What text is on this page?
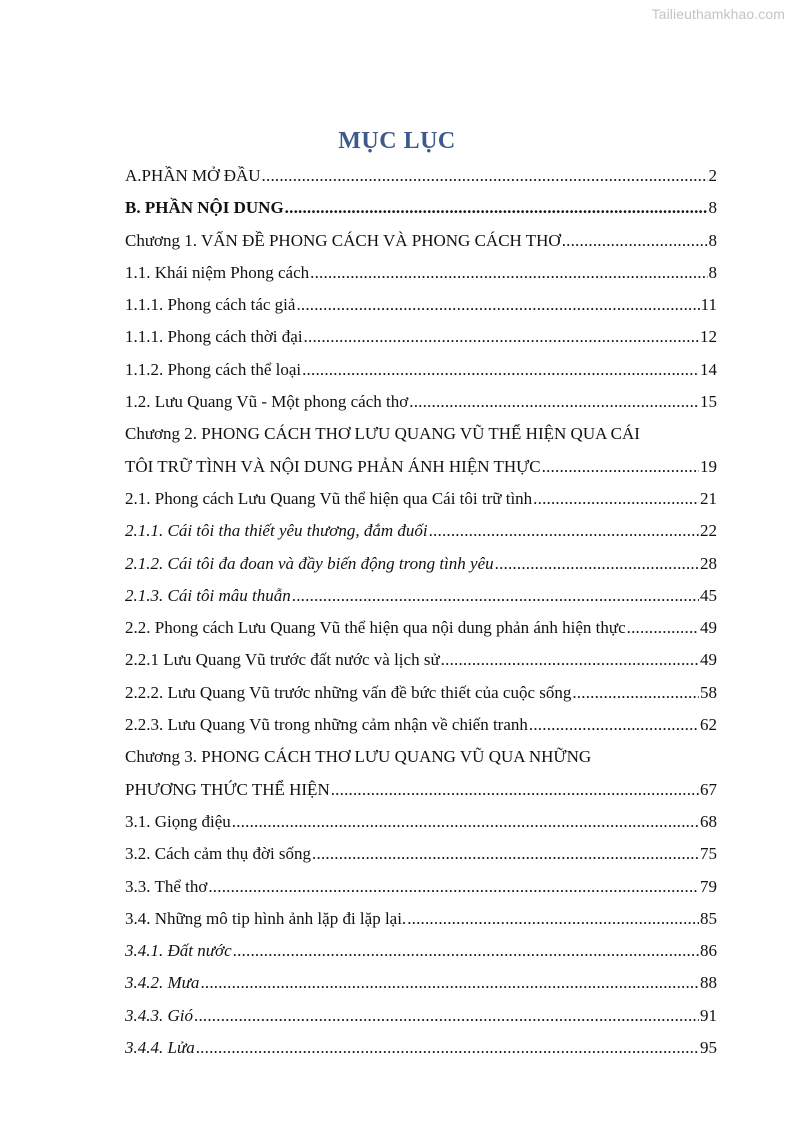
Tailieuthamkhao.com
MỤC LỤC
A.PHẦN MỞ ĐẦU .....	2
B. PHẦN NỘI DUNG .....	8
Chương 1. VẤN ĐỀ PHONG CÁCH VÀ PHONG CÁCH THƠ .....	8
1.1. Khái niệm Phong cách .....	8
1.1.1. Phong cách tác giả .....	11
1.1.1. Phong cách thời đại .....	12
1.1.2. Phong cách thể loại .....	14
1.2. Lưu Quang Vũ - Một phong cách thơ .....	15
Chương 2. PHONG CÁCH THƠ LƯU QUANG VŨ THỂ HIỆN QUA CÁI
TÔI TRỮ TÌNH VÀ NỘI DUNG PHẢN ÁNH HIỆN THỰC .....	19
2.1. Phong cách Lưu Quang Vũ thể hiện qua Cái tôi trữ tình .....	21
2.1.1. Cái tôi tha thiết yêu thương, đắm đuối .....	22
2.1.2. Cái tôi đa đoan và đầy biến động trong tình yêu .....	28
2.1.3. Cái tôi mâu thuẫn .....	45
2.2. Phong cách Lưu Quang Vũ thể hiện qua nội dung phản ánh hiện thực .....	49
2.2.1 Lưu Quang Vũ trước đất nước và lịch sử .....	49
2.2.2. Lưu Quang Vũ trước những vấn đề bức thiết của cuộc sống .....	58
2.2.3. Lưu Quang Vũ trong những cảm nhận về chiến tranh .....	62
Chương 3. PHONG CÁCH THƠ LƯU QUANG VŨ QUA NHỮNG
PHƯƠNG THỨC THỂ HIỆN .....	67
3.1. Giọng điệu .....	68
3.2. Cách cảm thụ đời sống .....	75
3.3. Thể thơ .....	79
3.4. Những mô tip hình ảnh lặp đi lặp lại. .....	85
3.4.1. Đất nước .....	86
3.4.2. Mưa .....	88
3.4.3. Gió .....	91
3.4.4. Lửa .....	95
